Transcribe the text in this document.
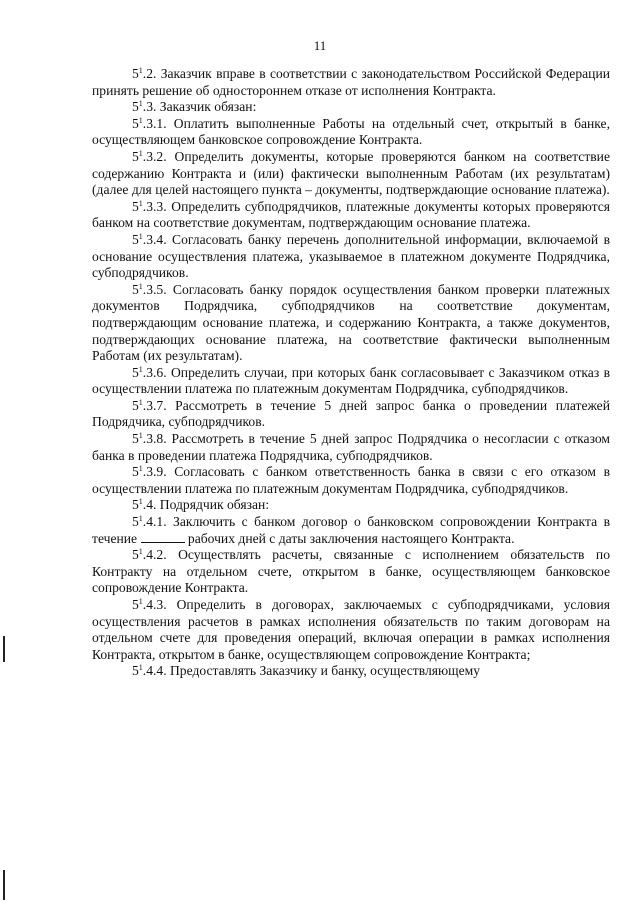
11

$5^1.2$. Заказчик вправе в соответствии с законодательством Российской Федерации принять решение об одностороннем отказе от исполнения Контракта.

$5^1.3$. Заказчик обязан:

$5^1.3.1$. Оплатить выполненные Работы на отдельный счет, открытый в банке, осуществляющем банковское сопровождение Контракта.

$5^1.3.2$. Определить документы, которые проверяются банком на соответствие содержанию Контракта и (или) фактически выполненным Работам (их результатам) (далее для целей настоящего пункта – документы, подтверждающие основание платежа).

$5^1.3.3$. Определить субподрядчиков, платежные документы которых проверяются банком на соответствие документам, подтверждающим основание платежа.

$5^1.3.4$. Согласовать банку перечень дополнительной информации, включаемой в основание осуществления платежа, указываемое в платежном документе Подрядчика, субподрядчиков.

$5^1.3.5$. Согласовать банку порядок осуществления банком проверки платежных документов Подрядчика, субподрядчиков на соответствие документам, подтверждающим основание платежа, и содержанию Контракта, а также документов, подтверждающих основание платежа, на соответствие фактически выполненным Работам (их результатам).

$5^1.3.6$. Определить случаи, при которых банк согласовывает с Заказчиком отказ в осуществлении платежа по платежным документам Подрядчика, субподрядчиков.

$5^1.3.7$. Рассмотреть в течение 5 дней запрос банка о проведении платежей Подрядчика, субподрядчиков.

$5^1.3.8$. Рассмотреть в течение 5 дней запрос Подрядчика о несогласии с отказом банка в проведении платежа Подрядчика, субподрядчиков.

$5^1.3.9$. Согласовать с банком ответственность банка в связи с его отказом в осуществлении платежа по платежным документам Подрядчика, субподрядчиков.

$5^1.4$. Подрядчик обязан:

$5^1.4.1$. Заключить с банком договор о банковском сопровождении Контракта в течение	рабочих дней с даты заключения настоящего Контракта.

$5^1.4.2$. Осуществлять расчеты, связанные с исполнением обязательств по Контракту на отдельном счете, открытом в банке, осуществляющем банковское сопровождение Контракта.

$5^1.4.3$. Определить в договорах, заключаемых с субподрядчиками, условия осуществления расчетов в рамках исполнения обязательств по таким договорам на отдельном счете для проведения операций, включая операции в рамках исполнения Контракта, открытом в банке, осуществляющем сопровождение Контракта;

$5^1.4.4$. Предоставлять Заказчику и банку, осуществляющему
